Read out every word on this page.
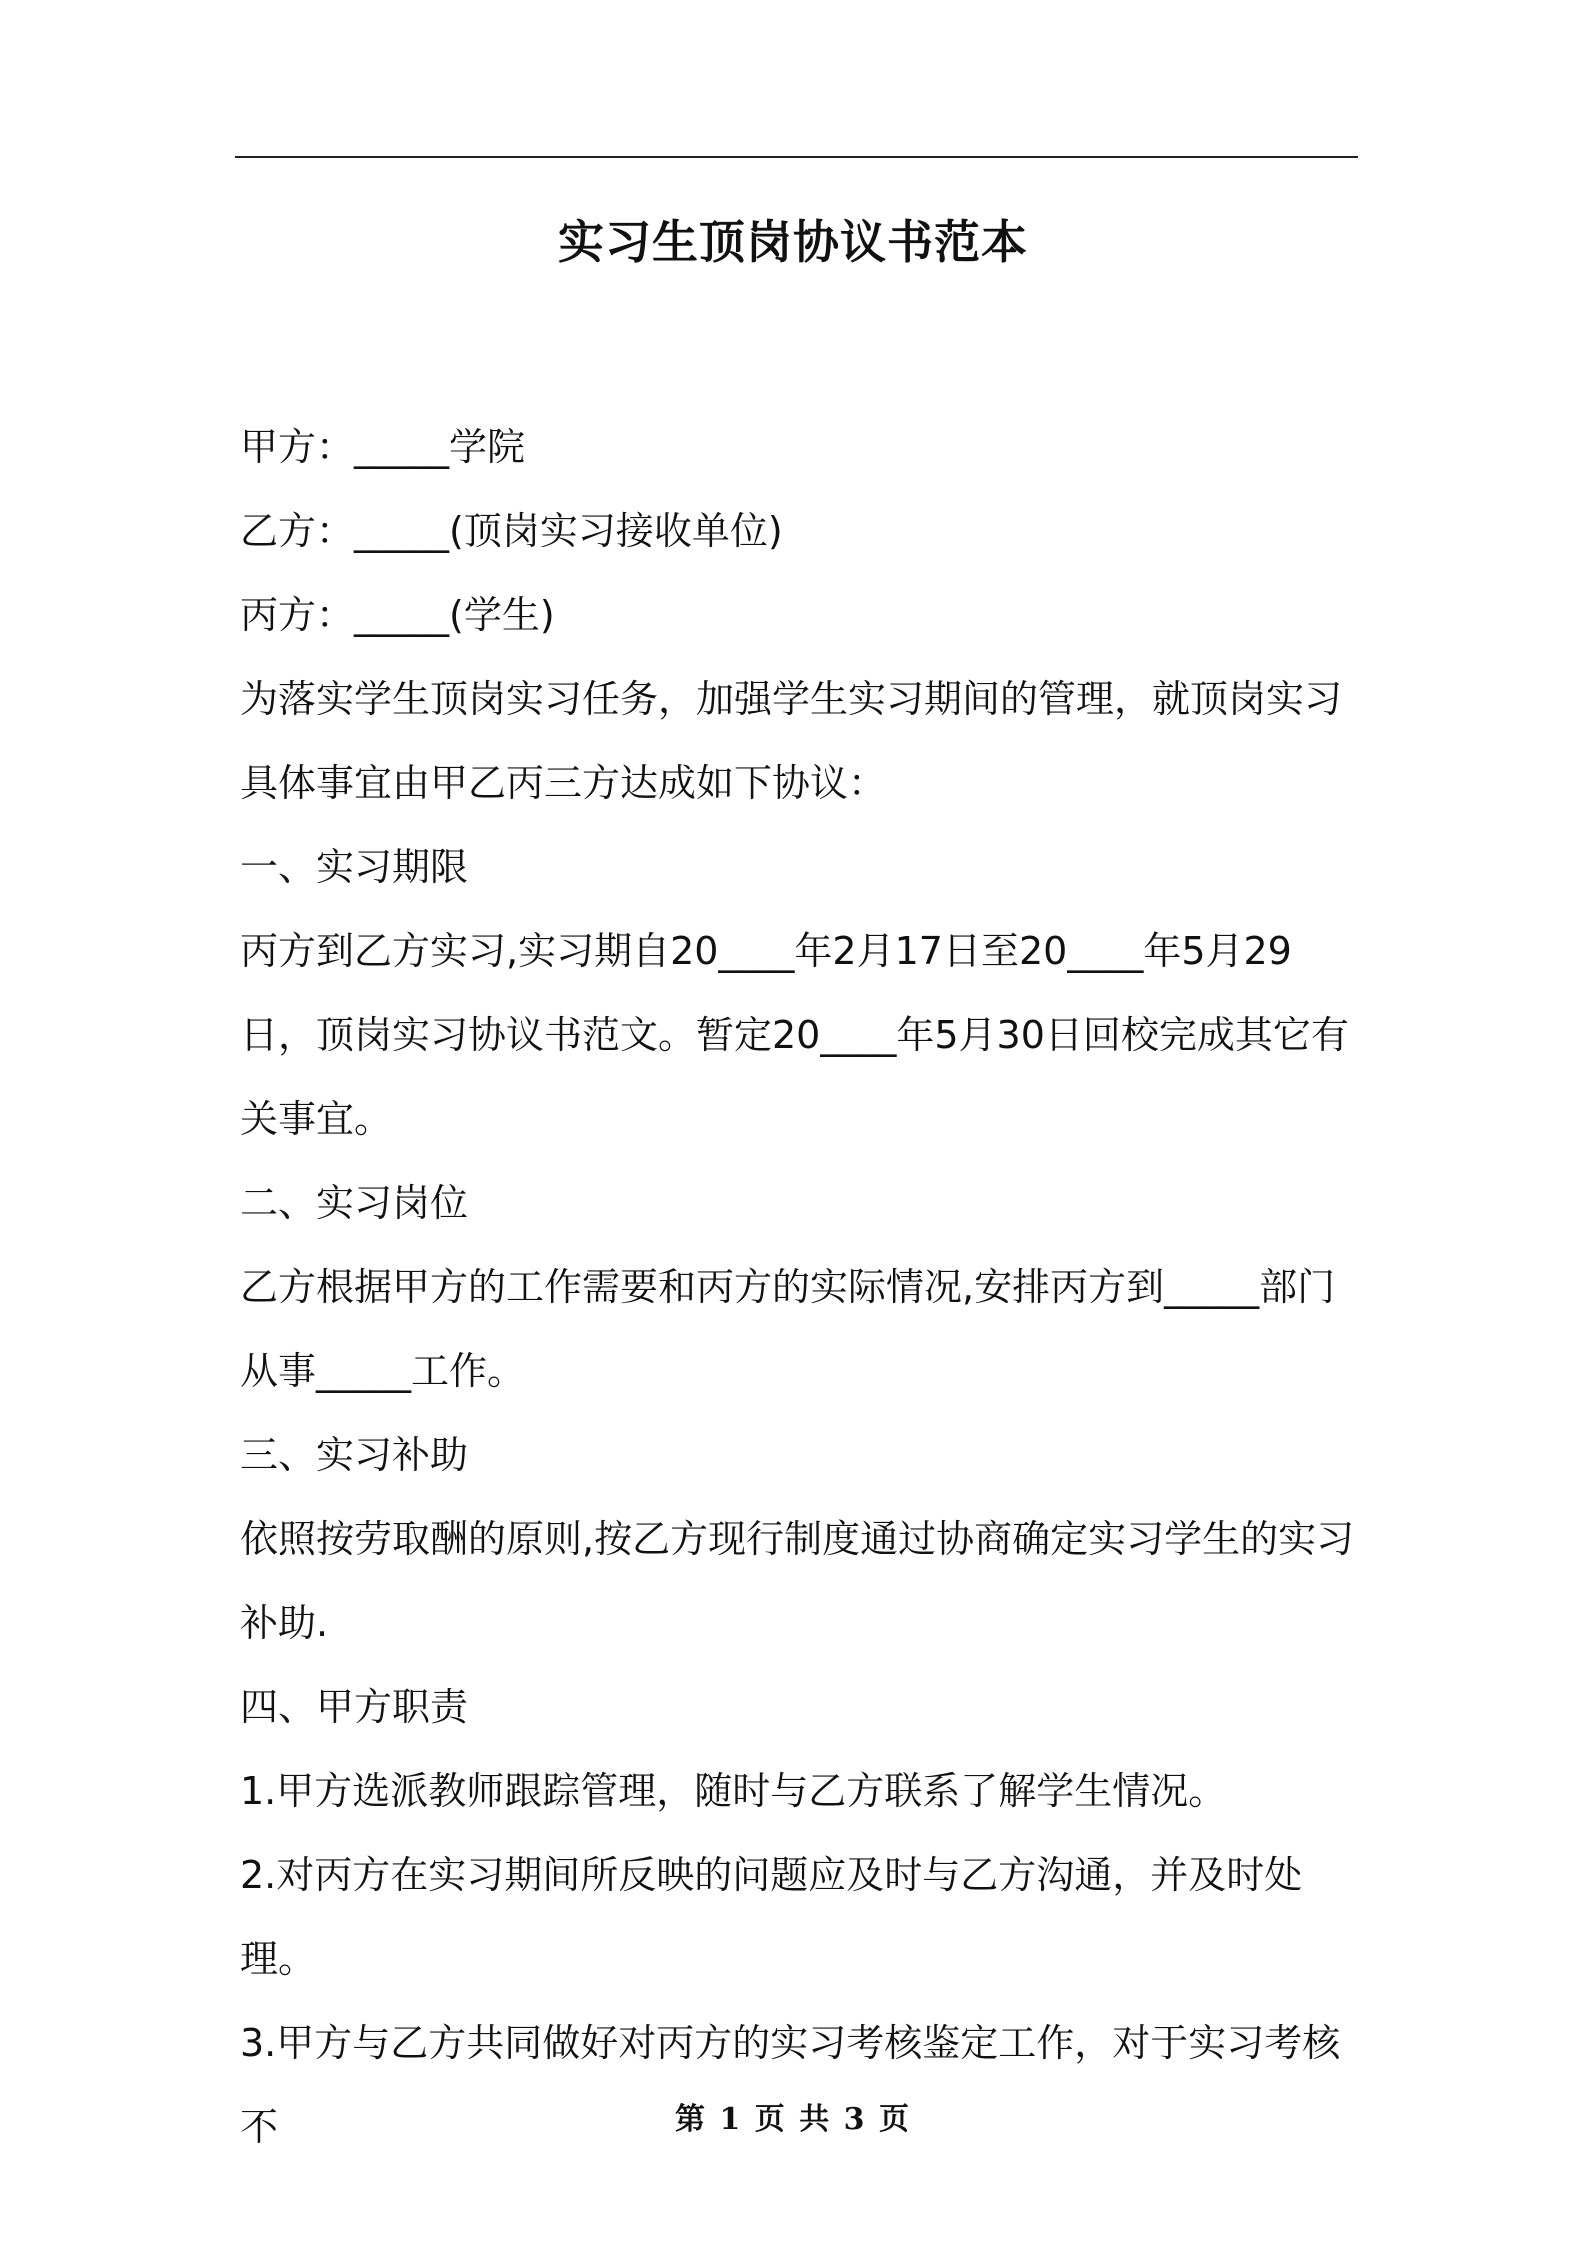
实习生顶岗协议书范本

甲方：_____学院

乙方：_____(顶岗实习接收单位)

丙方：_____(学生)

为落实学生顶岗实习任务，加强学生实习期间的管理，就顶岗实习具体事宜由甲乙丙三方达成如下协议：

一、实习期限

丙方到乙方实习,实习期自20____年2月17日至20____年5月29日，顶岗实习协议书范文。暂定20____年5月30日回校完成其它有关事宜。

二、实习岗位

乙方根据甲方的工作需要和丙方的实际情况,安排丙方到_____部门从事_____工作。

三、实习补助

依照按劳取酬的原则,按乙方现行制度通过协商确定实习学生的实习补助.

四、甲方职责

1.甲方选派教师跟踪管理，随时与乙方联系了解学生情况。

2.对丙方在实习期间所反映的问题应及时与乙方沟通，并及时处理。

3.甲方与乙方共同做好对丙方的实习考核鉴定工作，对于实习考核不	第 1 页 共 3 页
